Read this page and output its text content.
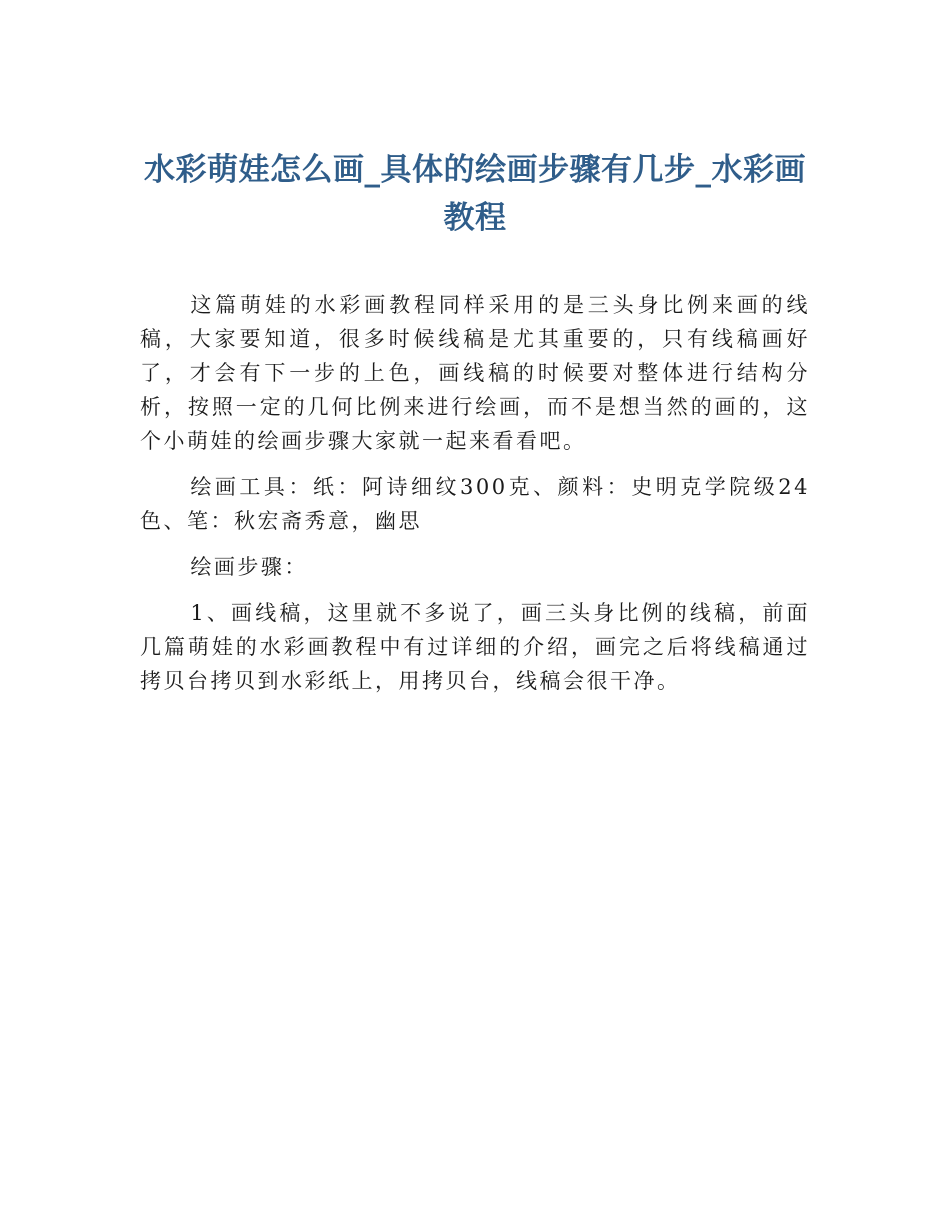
水彩萌娃怎么画_具体的绘画步骤有几步_水彩画教程

这篇萌娃的水彩画教程同样采用的是三头身比例来画的线稿，大家要知道，很多时候线稿是尤其重要的，只有线稿画好了，才会有下一步的上色，画线稿的时候要对整体进行结构分析，按照一定的几何比例来进行绘画，而不是想当然的画的，这个小萌娃的绘画步骤大家就一起来看看吧。

绘画工具：纸：阿诗细纹300克、颜料：史明克学院级24色、笔：秋宏斋秀意，幽思

绘画步骤：

1、画线稿，这里就不多说了，画三头身比例的线稿，前面几篇萌娃的水彩画教程中有过详细的介绍，画完之后将线稿通过拷贝台拷贝到水彩纸上，用拷贝台，线稿会很干净。
